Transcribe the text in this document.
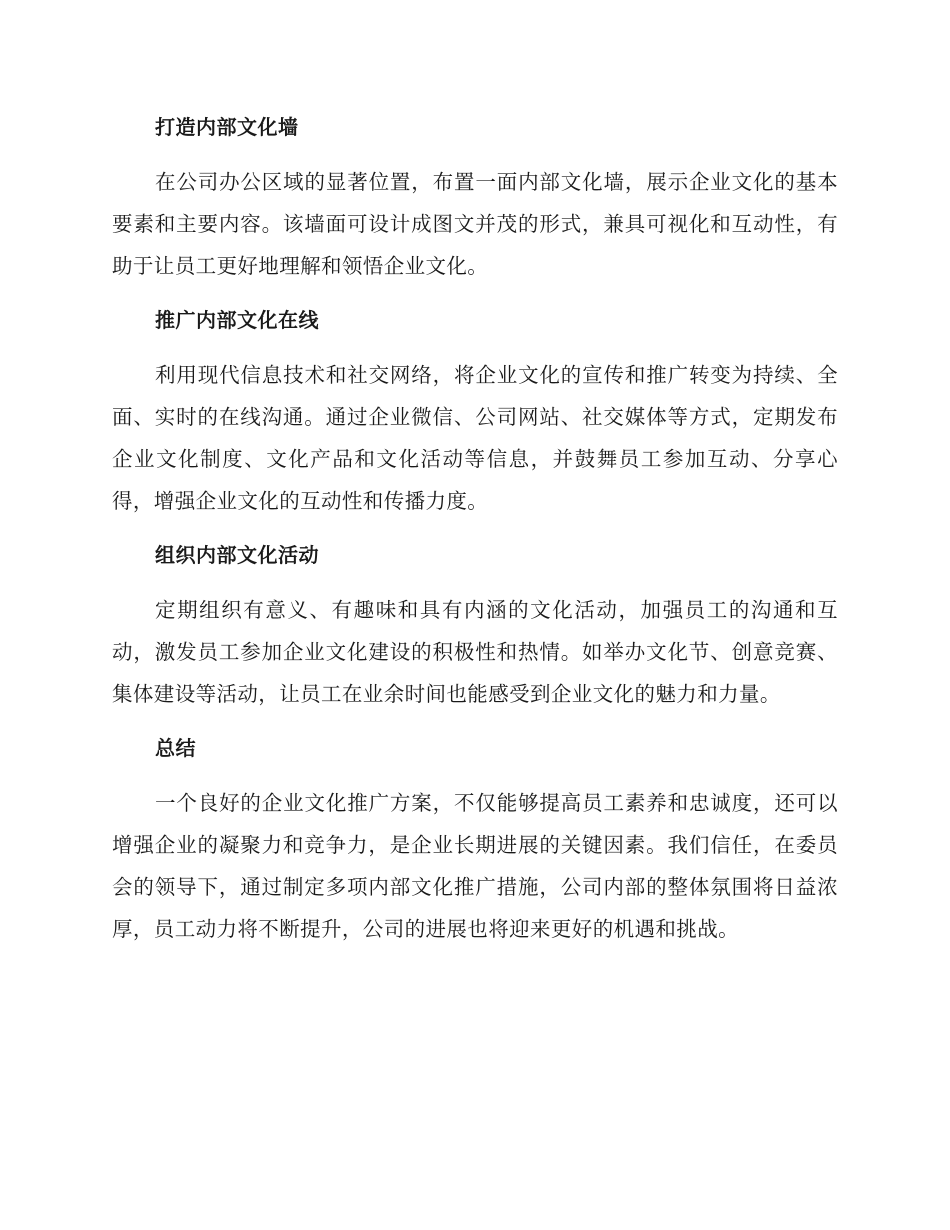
打造内部文化墙

在公司办公区域的显著位置，布置一面内部文化墙，展示企业文化的基本要素和主要内容。该墙面可设计成图文并茂的形式，兼具可视化和互动性，有助于让员工更好地理解和领悟企业文化。

推广内部文化在线

利用现代信息技术和社交网络，将企业文化的宣传和推广转变为持续、全面、实时的在线沟通。通过企业微信、公司网站、社交媒体等方式，定期发布企业文化制度、文化产品和文化活动等信息，并鼓舞员工参加互动、分享心得，增强企业文化的互动性和传播力度。

组织内部文化活动

定期组织有意义、有趣味和具有内涵的文化活动，加强员工的沟通和互动，激发员工参加企业文化建设的积极性和热情。如举办文化节、创意竞赛、集体建设等活动，让员工在业余时间也能感受到企业文化的魅力和力量。

总结

一个良好的企业文化推广方案，不仅能够提高员工素养和忠诚度，还可以增强企业的凝聚力和竞争力，是企业长期进展的关键因素。我们信任，在委员会的领导下，通过制定多项内部文化推广措施，公司内部的整体氛围将日益浓厚，员工动力将不断提升，公司的进展也将迎来更好的机遇和挑战。
